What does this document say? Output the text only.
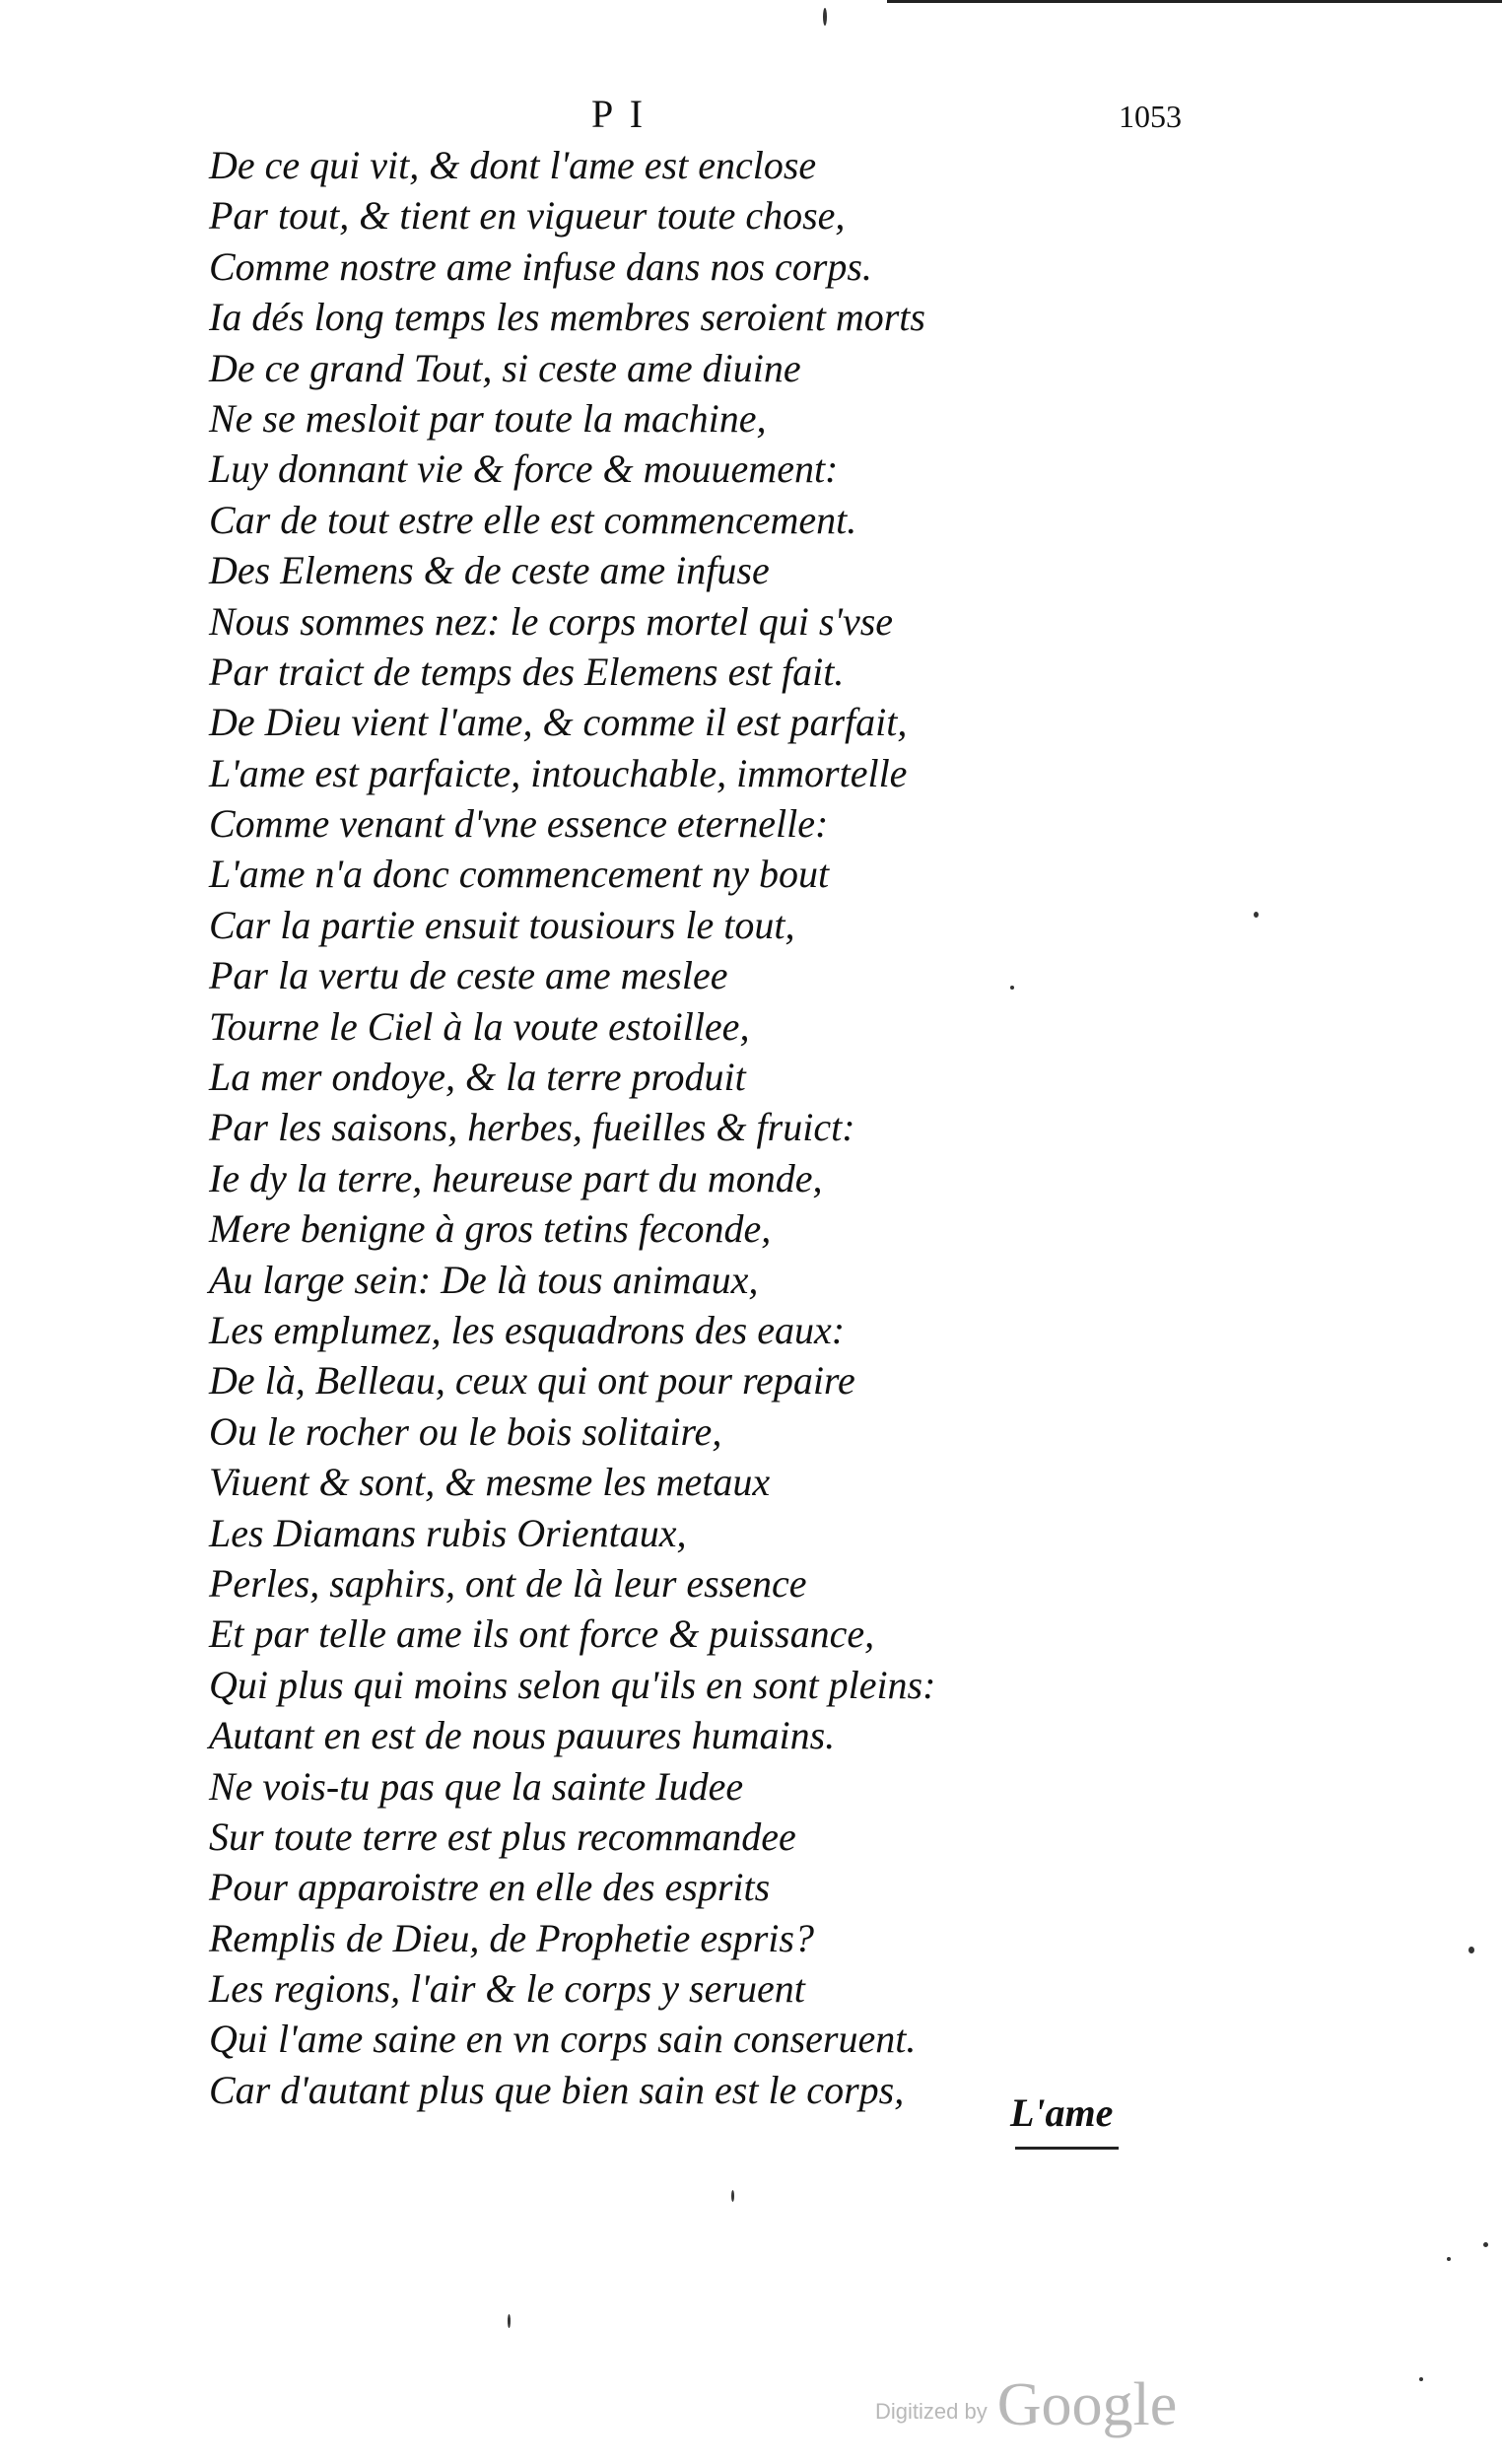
P I	1053
De ce qui vit, & dont l'ame est enclose
Par tout, & tient en vigueur toute chose,
Comme nostre ame infuse dans nos corps.
Ia dés long temps les membres seroient morts
De ce grand Tout, si ceste ame diuine
Ne se mesloit par toute la machine,
Luy donnant vie & force & mouuement:
Car de tout estre elle est commencement.
Des Elemens & de ceste ame infuse
Nous sommes nez: le corps mortel qui s'vse
Par traict de temps des Elemens est fait.
De Dieu vient l'ame, & comme il est parfait,
L'ame est parfaicte, intouchable, immortelle
Comme venant d'vne essence eternelle:
L'ame n'a donc commencement ny bout
Car la partie ensuit tousiours le tout,
Par la vertu de ceste ame meslee
Tourne le Ciel à la voute estoillee,
La mer ondoye, & la terre produit
Par les saisons, herbes, fueilles & fruict:
Ie dy la terre, heureuse part du monde,
Mere benigne à gros tetins feconde,
Au large sein: De là tous animaux,
Les emplumez, les esquadrons des eaux:
De là, Belleau, ceux qui ont pour repaire
Ou le rocher ou le bois solitaire,
Viuent & sont, & mesme les metaux
Les Diamans rubis Orientaux,
Perles, saphirs, ont de là leur essence
Et par telle ame ils ont force & puissance,
Qui plus qui moins selon qu'ils en sont pleins:
Autant en est de nous pauures humains.
Ne vois-tu pas que la sainte Iudee
Sur toute terre est plus recommandee
Pour apparoistre en elle des esprits
Remplis de Dieu, de Prophetie espris?
Les regions, l'air & le corps y seruent
Qui l'ame saine en vn corps sain conseruent.
Car d'autant plus que bien sain est le corps,
L'ame
Digitized by Google
